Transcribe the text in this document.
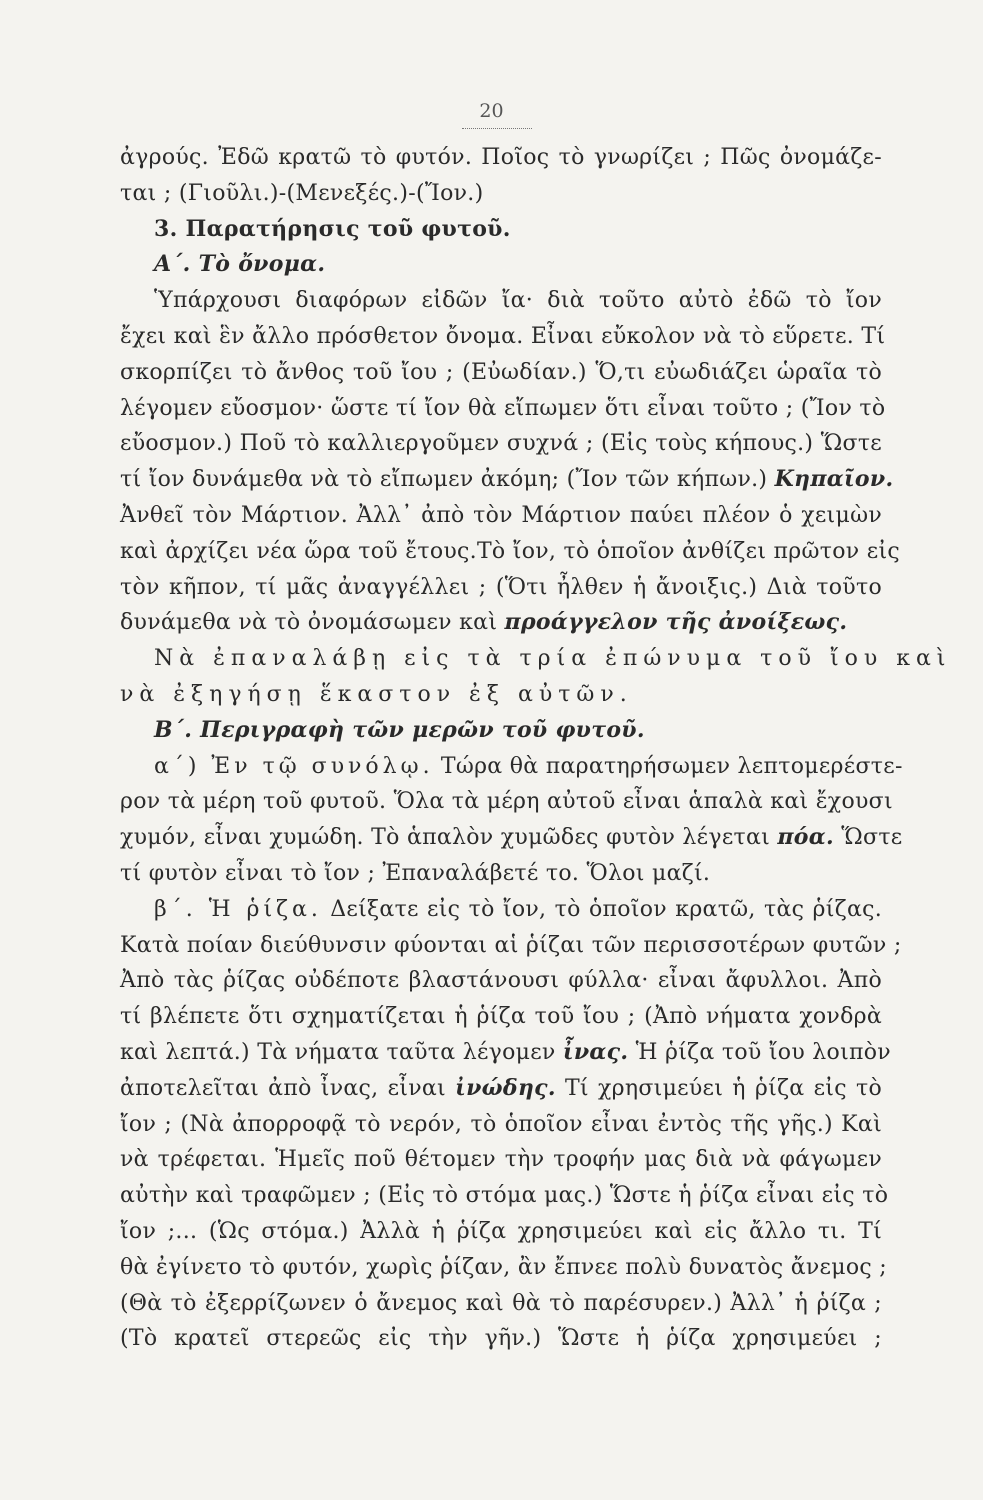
20
ἀγρούς. Ἐδῶ κρατῶ τὸ φυτόν. Ποῖος τὸ γνωρίζει ; Πῶς ὀνομάζε-
ται ; (Γιοῦλι.)-(Μενεξές.)-(Ἴον.)
3. Παρατήρησις τοῦ φυτοῦ.
Α΄. Τὸ ὄνομα.
Ὑπάρχουσι διαφόρων εἰδῶν ἴα· διὰ τοῦτο αὐτὸ ἐδῶ τὸ ἴον
ἔχει καὶ ἓν ἄλλο πρόσθετον ὄνομα. Εἶναι εὔκολον νὰ τὸ εὕρετε. Τί
σκορπίζει τὸ ἄνθος τοῦ ἴου ; (Εὐωδίαν.) Ὅ,τι εὐωδιάζει ὡραῖα τὸ
λέγομεν εὔοσμον· ὥστε τί ἴον θὰ εἴπωμεν ὅτι εἶναι τοῦτο ; (Ἴον τὸ
εὔοσμον.) Ποῦ τὸ καλλιεργοῦμεν συχνά ; (Εἰς τοὺς κήπους.) Ὥστε
τί ἴον δυνάμεθα νὰ τὸ εἴπωμεν ἀκόμη; (Ἴον τῶν κήπων.) Κηπαῖον.
Ἀνθεῖ τὸν Μάρτιον. Ἀλλ᾽ ἀπὸ τὸν Μάρτιον παύει πλέον ὁ χειμὼν
καὶ ἀρχίζει νέα ὥρα τοῦ ἔτους.Τὸ ἴον, τὸ ὁποῖον ἀνθίζει πρῶτον εἰς
τὸν κῆπον, τί μᾶς ἀναγγέλλει ; (Ὅτι ἦλθεν ἡ ἄνοιξις.) Διὰ τοῦτο
δυνάμεθα νὰ τὸ ὀνομάσωμεν καὶ προάγγελον τῆς ἀνοίξεως.
Νὰ ἐπαναλάβῃ εἰς τὰ τρία ἐπώνυμα τοῦ ἴου καὶ
νὰ ἐξηγήσῃ ἕκαστον ἐξ αὐτῶν.
Β΄. Περιγραφὴ τῶν μερῶν τοῦ φυτοῦ.
α΄) Ἐν τῷ συνόλῳ. Τώρα θὰ παρατηρήσωμεν λεπτομερέστε-
ρον τὰ μέρη τοῦ φυτοῦ. Ὅλα τὰ μέρη αὐτοῦ εἶναι ἁπαλὰ καὶ ἔχουσι
χυμόν, εἶναι χυμώδη. Τὸ ἁπαλὸν χυμῶδες φυτὸν λέγεται πόα. Ὥστε
τί φυτὸν εἶναι τὸ ἴον ; Ἐπαναλάβετέ το. Ὅλοι μαζί.
β΄. Ἡ ῥίζα. Δείξατε εἰς τὸ ἴον, τὸ ὁποῖον κρατῶ, τὰς ῥίζας.
Κατὰ ποίαν διεύθυνσιν φύονται αἱ ῥίζαι τῶν περισσοτέρων φυτῶν ;
Ἀπὸ τὰς ῥίζας οὐδέποτε βλαστάνουσι φύλλα· εἶναι ἄφυλλοι. Ἀπὸ
τί βλέπετε ὅτι σχηματίζεται ἡ ῥίζα τοῦ ἴου ; (Ἀπὸ νήματα χονδρὰ
καὶ λεπτά.) Τὰ νήματα ταῦτα λέγομεν ἶνας. Ἡ ῥίζα τοῦ ἴου λοιπὸν
ἀποτελεῖται ἀπὸ ἶνας, εἶναι ἰνώδης. Τί χρησιμεύει ἡ ῥίζα εἰς τὸ
ἴον ; (Νὰ ἀπορροφᾷ τὸ νερόν, τὸ ὁποῖον εἶναι ἐντὸς τῆς γῆς.) Καὶ
νὰ τρέφεται. Ἡμεῖς ποῦ θέτομεν τὴν τροφήν μας διὰ νὰ φάγωμεν
αὐτὴν καὶ τραφῶμεν ; (Εἰς τὸ στόμα μας.) Ὥστε ἡ ῥίζα εἶναι εἰς τὸ
ἴον ;... (Ὡς στόμα.) Ἀλλὰ ἡ ῥίζα χρησιμεύει καὶ εἰς ἄλλο τι. Τί
θὰ ἐγίνετο τὸ φυτόν, χωρὶς ῥίζαν, ἂν ἔπνεε πολὺ δυνατὸς ἄνεμος ;
(Θὰ τὸ ἐξερρίζωνεν ὁ ἄνεμος καὶ θὰ τὸ παρέσυρεν.) Ἀλλ᾽ ἡ ῥίζα ;
(Τὸ κρατεῖ στερεῶς εἰς τὴν γῆν.) Ὥστε ἡ ῥίζα χρησιμεύει ;
